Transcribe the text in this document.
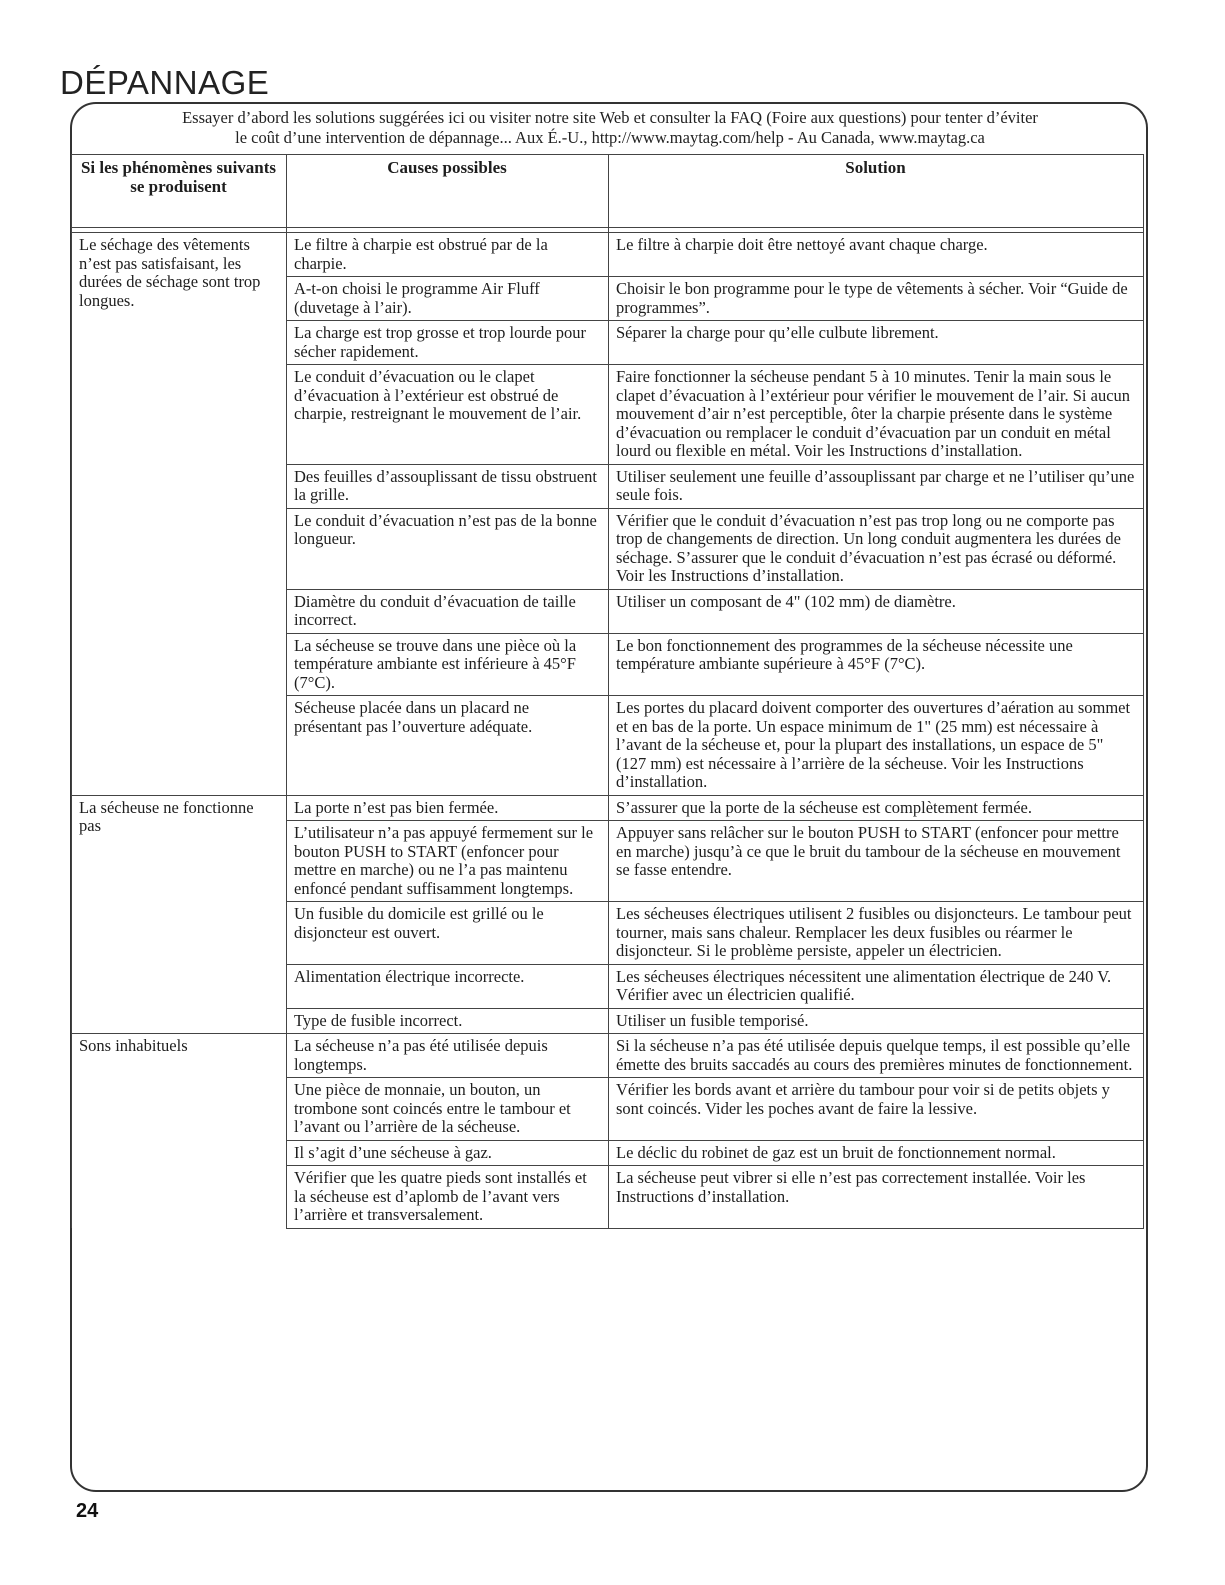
DÉPANNAGE
Essayer d’abord les solutions suggérées ici ou visiter notre site Web et consulter la FAQ (Foire aux questions) pour tenter d’éviter
le coût d’une intervention de dépannage... Aux É.-U., http://www.maytag.com/help - Au Canada, www.maytag.ca
Si les phénomènes suivants se produisent	Causes possibles	Solution

Le séchage des vêtements n’est pas satisfaisant, les durées de séchage sont trop longues.	Le filtre à charpie est obstrué par de la charpie.	Le filtre à charpie doit être nettoyé avant chaque charge.
	A-t-on choisi le programme Air Fluff (duvetage à l’air).	Choisir le bon programme pour le type de vêtements à sécher. Voir “Guide de programmes”.
	La charge est trop grosse et trop lourde pour sécher rapidement.	Séparer la charge pour qu’elle culbute librement.
	Le conduit d’évacuation ou le clapet d’évacuation à l’extérieur est obstrué de charpie, restreignant le mouvement de l’air.	Faire fonctionner la sécheuse pendant 5 à 10 minutes. Tenir la main sous le clapet d’évacuation à l’extérieur pour vérifier le mouvement de l’air. Si aucun mouvement d’air n’est perceptible, ôter la charpie présente dans le système d’évacuation ou remplacer le conduit d’évacuation par un conduit en métal lourd ou flexible en métal. Voir les Instructions d’installation.
	Des feuilles d’assouplissant de tissu obstruent la grille.	Utiliser seulement une feuille d’assouplissant par charge et ne l’utiliser qu’une seule fois.
	Le conduit d’évacuation n’est pas de la bonne longueur.	Vérifier que le conduit d’évacuation n’est pas trop long ou ne comporte pas trop de changements de direction. Un long conduit augmentera les durées de séchage. S’assurer que le conduit d’évacuation n’est pas écrasé ou déformé. Voir les Instructions d’installation.
	Diamètre du conduit d’évacuation de taille incorrect.	Utiliser un composant de 4" (102 mm) de diamètre.
	La sécheuse se trouve dans une pièce où la température ambiante est inférieure à 45°F (7°C).	Le bon fonctionnement des programmes de la sécheuse nécessite une température ambiante supérieure à 45°F (7°C).
	Sécheuse placée dans un placard ne présentant pas l’ouverture adéquate.	Les portes du placard doivent comporter des ouvertures d’aération au sommet et en bas de la porte. Un espace minimum de 1" (25 mm) est nécessaire à l’avant de la sécheuse et, pour la plupart des installations, un espace de 5" (127 mm) est nécessaire à l’arrière de la sécheuse. Voir les Instructions d’installation.
La sécheuse ne fonctionne pas	La porte n’est pas bien fermée.	S’assurer que la porte de la sécheuse est complètement fermée.
	L’utilisateur n’a pas appuyé fermement sur le bouton PUSH to START (enfoncer pour mettre en marche) ou ne l’a pas maintenu enfoncé pendant suffisamment longtemps.	Appuyer sans relâcher sur le bouton PUSH to START (enfoncer pour mettre en marche) jusqu’à ce que le bruit du tambour de la sécheuse en mouvement se fasse entendre.
	Un fusible du domicile est grillé ou le disjoncteur est ouvert.	Les sécheuses électriques utilisent 2 fusibles ou disjoncteurs. Le tambour peut tourner, mais sans chaleur. Remplacer les deux fusibles ou réarmer le disjoncteur. Si le problème persiste, appeler un électricien.
	Alimentation électrique incorrecte.	Les sécheuses électriques nécessitent une alimentation électrique de 240 V. Vérifier avec un électricien qualifié.
	Type de fusible incorrect.	Utiliser un fusible temporisé.
Sons inhabituels	La sécheuse n’a pas été utilisée depuis longtemps.	Si la sécheuse n’a pas été utilisée depuis quelque temps, il est possible qu’elle émette des bruits saccadés au cours des premières minutes de fonctionnement.
	Une pièce de monnaie, un bouton, un trombone sont coincés entre le tambour et l’avant ou l’arrière de la sécheuse.	Vérifier les bords avant et arrière du tambour pour voir si de petits objets y sont coincés. Vider les poches avant de faire la lessive.
	Il s’agit d’une sécheuse à gaz.	Le déclic du robinet de gaz est un bruit de fonctionnement normal.
	Vérifier que les quatre pieds sont installés et la sécheuse est d’aplomb de l’avant vers l’arrière et transversalement.	La sécheuse peut vibrer si elle n’est pas correctement installée. Voir les Instructions d’installation.
24
